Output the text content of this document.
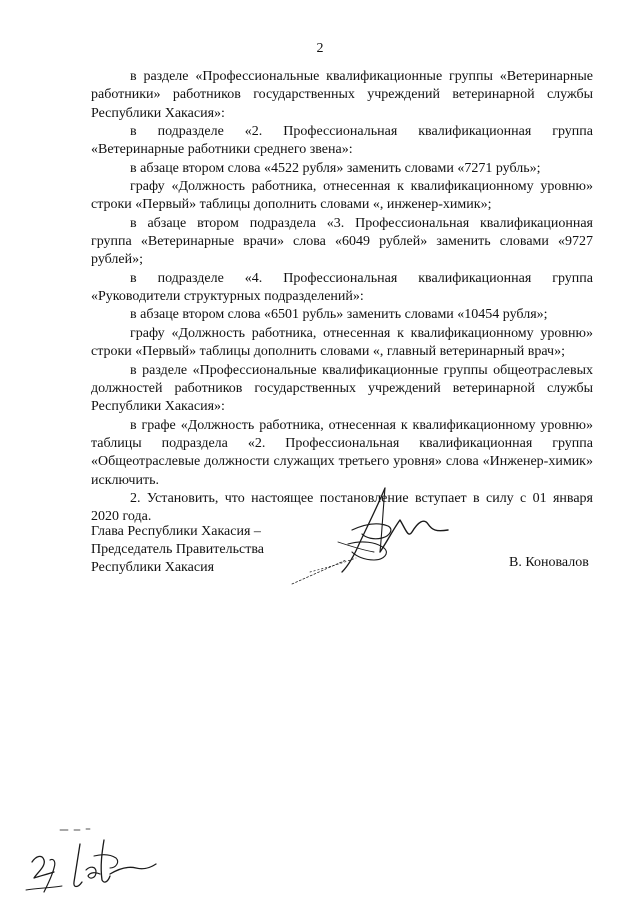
2

в разделе «Профессиональные квалификационные группы «Ветеринарные работники» работников государственных учреждений ветеринарной службы Республики Хакасия»:

в подразделе «2. Профессиональная квалификационная группа «Ветеринарные работники среднего звена»:

в абзаце втором слова «4522 рубля» заменить словами «7271 рубль»;

графу «Должность работника, отнесенная к квалификационному уровню» строки «Первый» таблицы дополнить словами «, инженер-химик»;

в абзаце втором подраздела «3. Профессиональная квалификационная группа «Ветеринарные врачи» слова «6049 рублей» заменить словами «9727 рублей»;

в подразделе «4. Профессиональная квалификационная группа «Руководители структурных подразделений»:

в абзаце втором слова «6501 рубль» заменить словами «10454 рубля»;

графу «Должность работника, отнесенная к квалификационному уровню» строки «Первый» таблицы дополнить словами «, главный ветеринарный врач»;

в разделе «Профессиональные квалификационные группы общеотраслевых должностей работников государственных учреждений ветеринарной службы Республики Хакасия»:

в графе «Должность работника, отнесенная к квалификационному уровню» таблицы подраздела «2. Профессиональная квалификационная группа «Общеотраслевые должности служащих третьего уровня» слова «Инженер-химик» исключить.

2. Установить, что настоящее постановление вступает в силу с 01 января 2020 года.

Глава Республики Хакасия –
Председатель Правительства
Республики Хакасия	В. Коновалов
